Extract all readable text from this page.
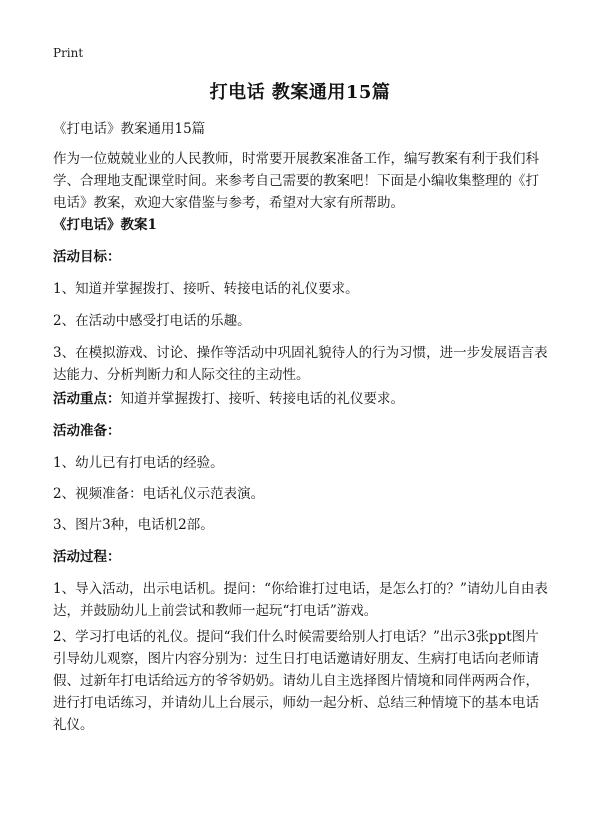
Print
打电话 教案通用15篇

《打电话》教案通用15篇

作为一位兢兢业业的人民教师，时常要开展教案准备工作，编写教案有利于我们科学、合理地支配课堂时间。来参考自己需要的教案吧！下面是小编收集整理的《打电话》教案，欢迎大家借鉴与参考，希望对大家有所帮助。

《打电话》教案1

活动目标：

1、知道并掌握拨打、接听、转接电话的礼仪要求。

2、在活动中感受打电话的乐趣。

3、在模拟游戏、讨论、操作等活动中巩固礼貌待人的行为习惯，进一步发展语言表达能力、分析判断力和人际交往的主动性。

活动重点：知道并掌握拨打、接听、转接电话的礼仪要求。

活动准备：

1、幼儿已有打电话的经验。

2、视频准备：电话礼仪示范表演。

3、图片3种，电话机2部。

活动过程：

1、导入活动，出示电话机。提问：“你给谁打过电话，是怎么打的？”请幼儿自由表达，并鼓励幼儿上前尝试和教师一起玩“打电话”游戏。

2、学习打电话的礼仪。提问“我们什么时候需要给别人打电话？”出示3张ppt图片引导幼儿观察，图片内容分别为：过生日打电话邀请好朋友、生病打电话向老师请假、过新年打电话给远方的爷爷奶奶。请幼儿自主选择图片情境和同伴两两合作，进行打电话练习，并请幼儿上台展示，师幼一起分析、总结三种情境下的基本电话礼仪。
